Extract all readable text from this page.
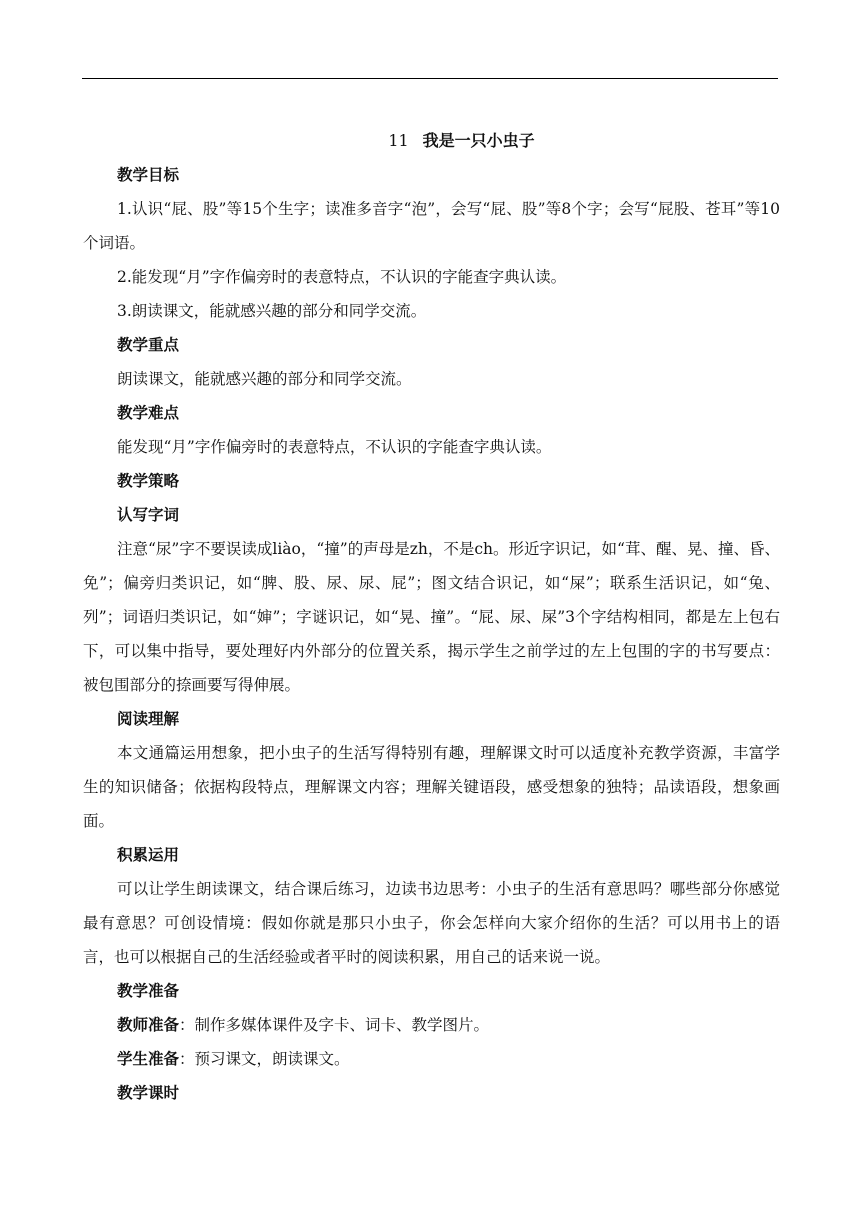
11 我是一只小虫子

教学目标

1.认识“屁、股”等15个生字；读准多音字“泡”，会写“屁、股”等8个字；会写“屁股、苍耳”等10个词语。

2.能发现“月”字作偏旁时的表意特点，不认识的字能查字典认读。

3.朗读课文，能就感兴趣的部分和同学交流。

教学重点

朗读课文，能就感兴趣的部分和同学交流。

教学难点

能发现“月”字作偏旁时的表意特点，不认识的字能查字典认读。

教学策略

认写字词

注意“尿”字不要误读成liào，“撞”的声母是zh，不是ch。形近字识记，如“茸、醒、晃、撞、昏、免”；偏旁归类识记，如“脾、股、尿、尿、屁”；图文结合识记，如“屎”；联系生活识记，如“兔、列”；词语归类识记，如“婶”；字谜识记，如“晃、撞”。“屁、尿、屎”3个字结构相同，都是左上包右下，可以集中指导，要处理好内外部分的位置关系，揭示学生之前学过的左上包围的字的书写要点：被包围部分的捺画要写得伸展。

阅读理解

本文通篇运用想象，把小虫子的生活写得特别有趣，理解课文时可以适度补充教学资源，丰富学生的知识储备；依据构段特点，理解课文内容；理解关键语段，感受想象的独特；品读语段，想象画面。

积累运用

可以让学生朗读课文，结合课后练习，边读书边思考：小虫子的生活有意思吗？哪些部分你感觉最有意思？可创设情境：假如你就是那只小虫子，你会怎样向大家介绍你的生活？可以用书上的语言，也可以根据自己的生活经验或者平时的阅读积累，用自己的话来说一说。

教学准备

教师准备：制作多媒体课件及字卡、词卡、教学图片。

学生准备：预习课文，朗读课文。

教学课时
